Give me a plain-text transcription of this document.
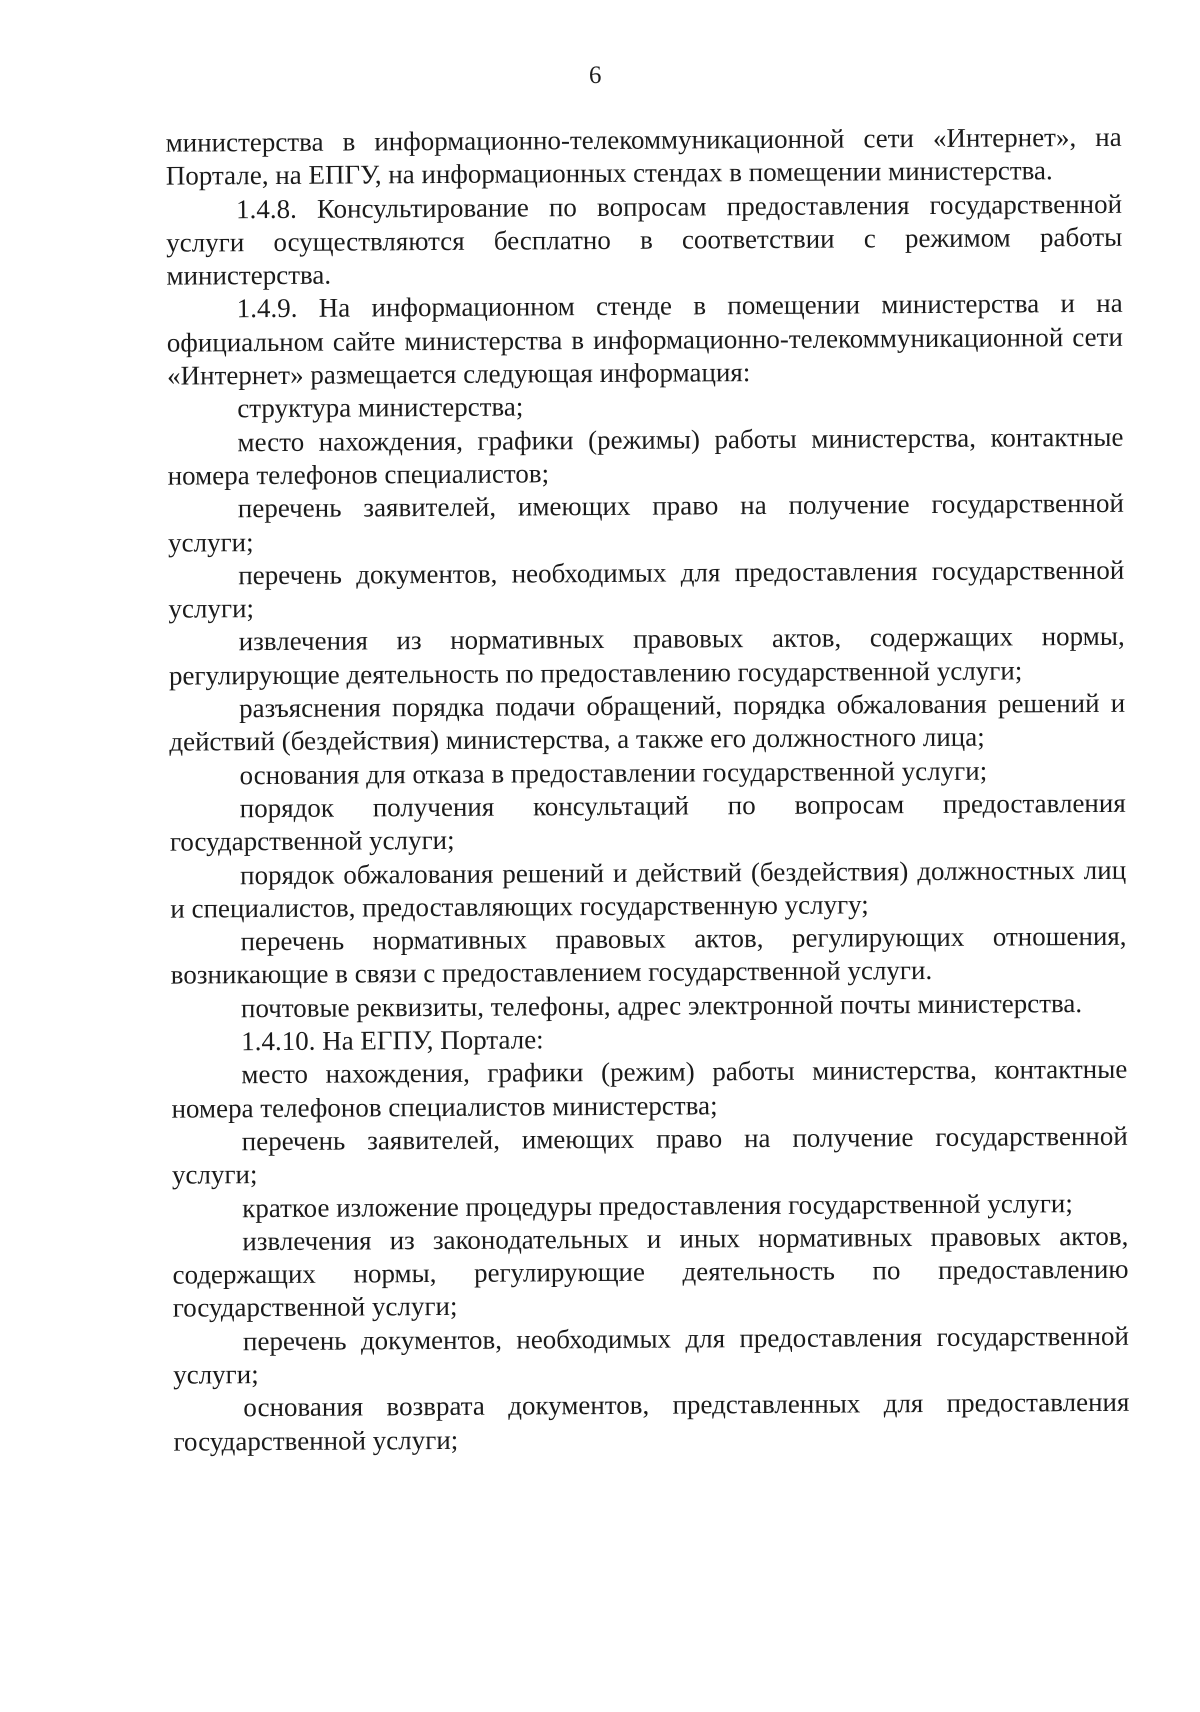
6

министерства в информационно-телекоммуникационной сети «Интернет», на Портале, на ЕПГУ, на информационных стендах в помещении министерства.

1.4.8. Консультирование по вопросам предоставления государственной услуги осуществляются бесплатно в соответствии с режимом работы министерства.

1.4.9. На информационном стенде в помещении министерства и на официальном сайте министерства в информационно-телекоммуникационной сети «Интернет» размещается следующая информация:

структура министерства;

место нахождения, графики (режимы) работы министерства, контактные номера телефонов специалистов;

перечень заявителей, имеющих право на получение государственной услуги;

перечень документов, необходимых для предоставления государственной услуги;

извлечения из нормативных правовых актов, содержащих нормы, регулирующие деятельность по предоставлению государственной услуги;

разъяснения порядка подачи обращений, порядка обжалования решений и действий (бездействия) министерства, а также его должностного лица;

основания для отказа в предоставлении государственной услуги;

порядок получения консультаций по вопросам предоставления государственной услуги;

порядок обжалования решений и действий (бездействия) должностных лиц и специалистов, предоставляющих государственную услугу;

перечень нормативных правовых актов, регулирующих отношения, возникающие в связи с предоставлением государственной услуги.

почтовые реквизиты, телефоны, адрес электронной почты министерства.

1.4.10. На ЕГПУ, Портале:

место нахождения, графики (режим) работы министерства, контактные номера телефонов специалистов министерства;

перечень заявителей, имеющих право на получение государственной услуги;

краткое изложение процедуры предоставления государственной услуги;

извлечения из законодательных и иных нормативных правовых актов, содержащих нормы, регулирующие деятельность по предоставлению государственной услуги;

перечень документов, необходимых для предоставления государственной услуги;

основания возврата документов, представленных для предоставления государственной услуги;
